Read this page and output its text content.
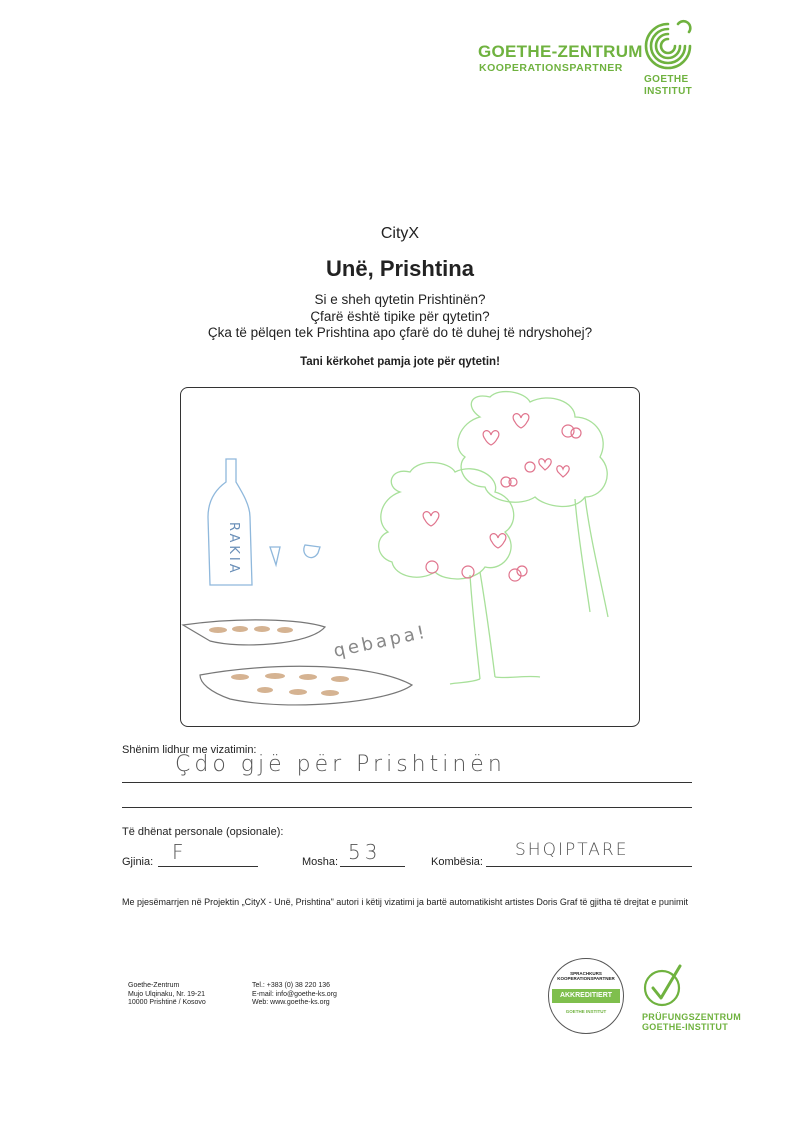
GOETHE-ZENTRUM
KOOPERATIONSPARTNER
GOETHE
INSTITUT
CityX
Unë, Prishtina
Si e sheh qytetin Prishtinën?
Çfarë është tipike për qytetin?
Çka të pëlqen tek Prishtina apo çfarë do të duhej të ndryshohej?
Tani kërkohet pamja jote për qytetin!
RAKIA
qebapa!
Shënim lidhur me vizatimin:
Çdo gjë për Prishtinën
Të dhënat personale (opsionale):
Gjinia: F	Mosha: 53	Kombësia:
SHQIPTARE
Me pjesëmarrjen në Projektin „CityX - Unë, Prishtina" autori i këtij vizatimi ja bartë automatikisht artistes Doris Graf të gjitha të drejtat e punimit
Goethe-Zentrum
Mujo Ulqinaku, Nr. 19-21
10000 Prishtinë / Kosovo
Tel.: +383 (0) 38 220 136
E-mail: info@goethe-ks.org
Web: www.goethe-ks.org
SPRACHKURS KOOPERATIONSPARTNER
AKKREDITIERT
GOETHE INSTITUT
PRÜFUNGSZENTRUM
GOETHE-INSTITUT
